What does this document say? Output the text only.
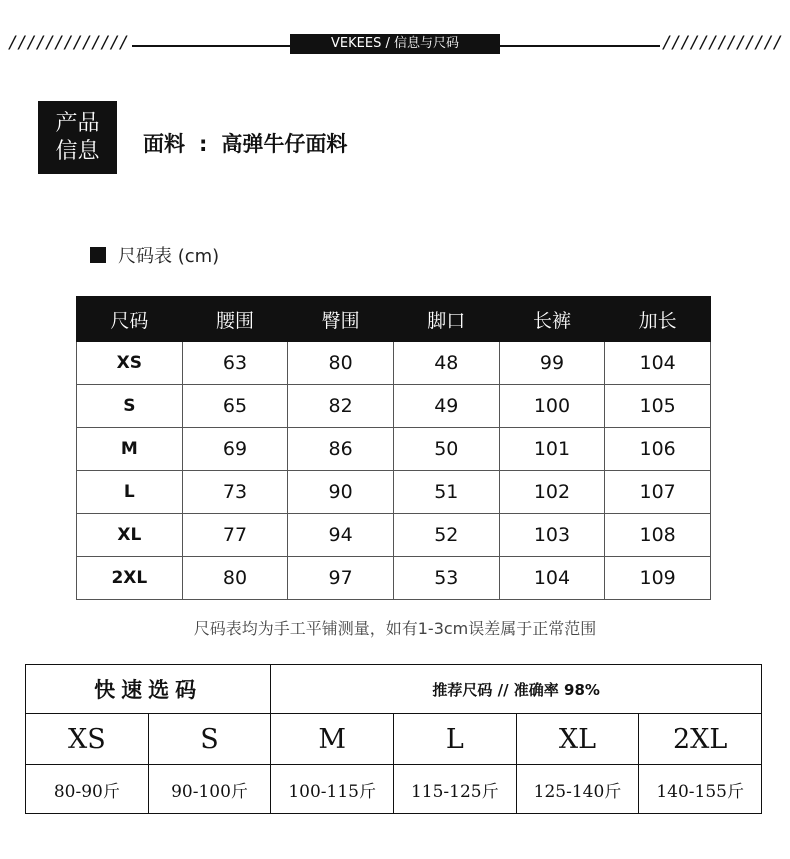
/////////////	VEKEES / 信息与尺码	/////////////
产品
信息	面料 : 高弹牛仔面料
尺码表 (cm)
尺码	腰围	臀围	脚口	长裤	加长
XS	63	80	48	99	104
S	65	82	49	100	105
M	69	86	50	101	106
L	73	90	51	102	107
XL	77	94	52	103	108
2XL	80	97	53	104	109
尺码表均为手工平铺测量，如有1-3cm误差属于正常范围
快速选码		推荐尺码 // 准确率 98%			
XS	S	M	L	XL	2XL
80-90斤	90-100斤	100-115斤	115-125斤	125-140斤	140-155斤
